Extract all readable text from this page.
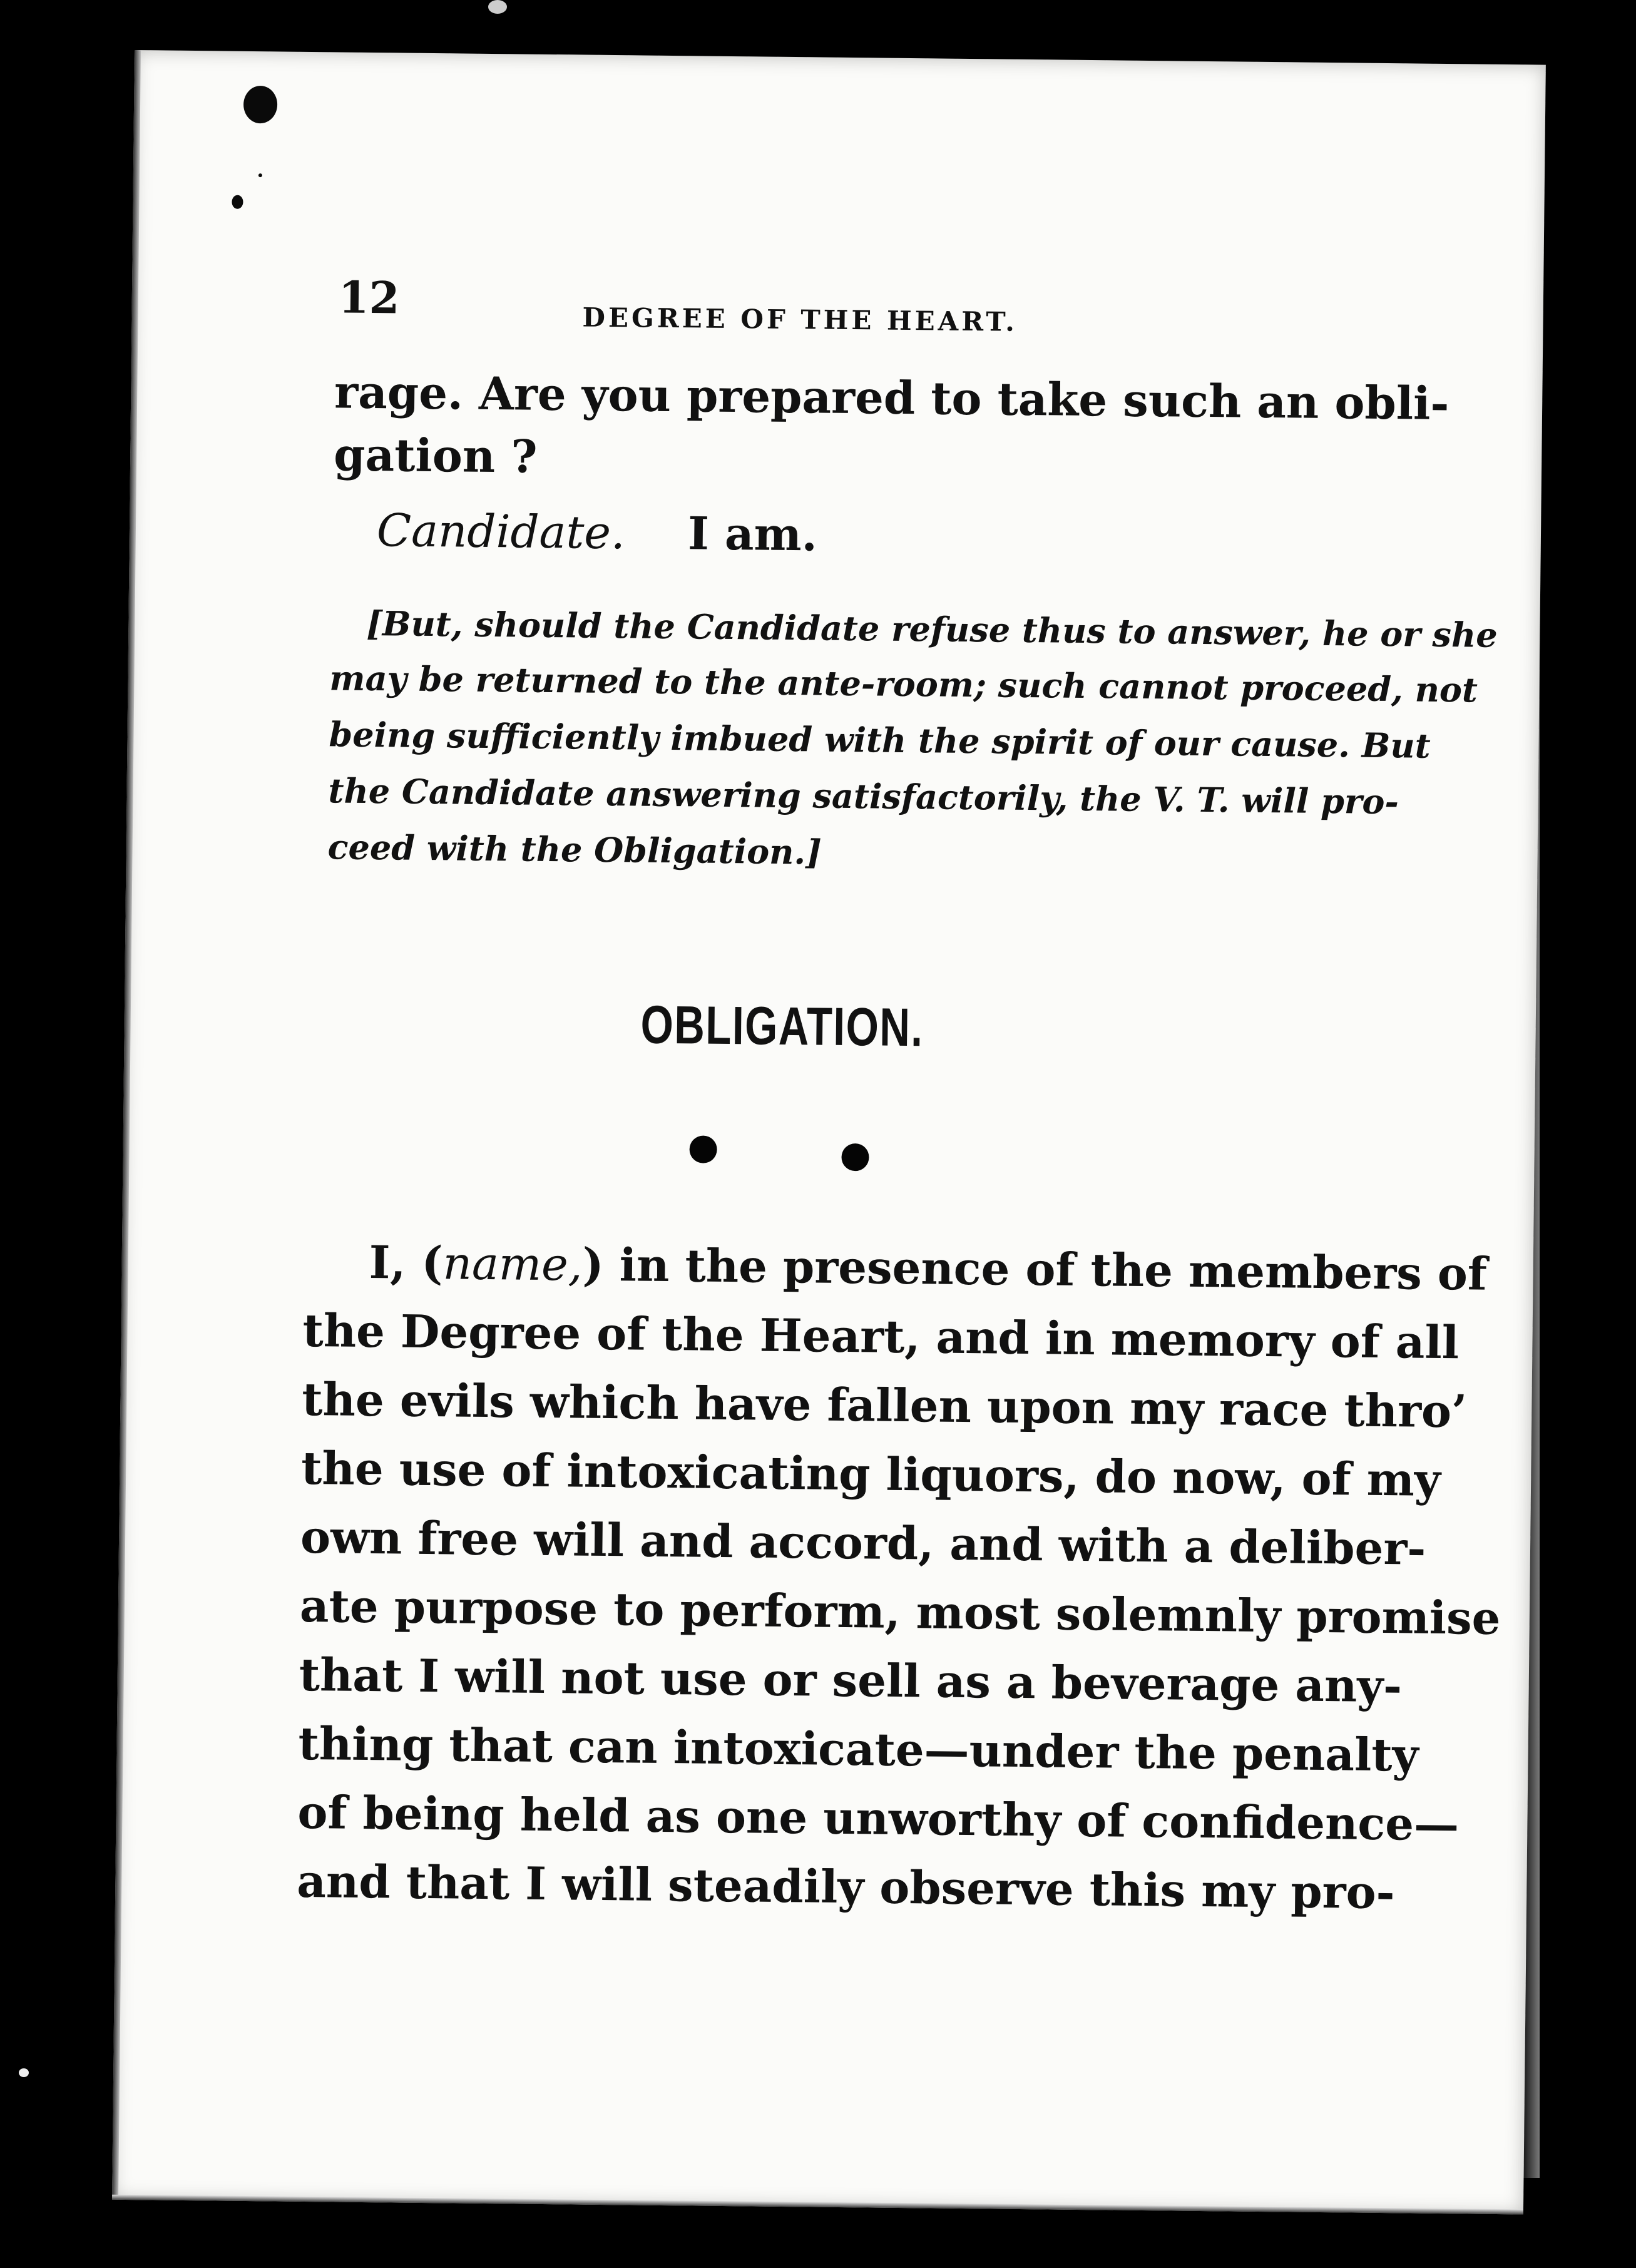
12	DEGREE OF THE HEART.
rage. Are you prepared to take such an obli-
gation ?
Candidate. I am.
[But, should the Candidate refuse thus to answer, he or she
may be returned to the ante-room; such cannot proceed, not
being sufficiently imbued with the spirit of our cause. But
the Candidate answering satisfactorily, the V. T. will pro-
ceed with the Obligation.]
OBLIGATION.
I, (name,) in the presence of the members of
the Degree of the Heart, and in memory of all
the evils which have fallen upon my race thro’
the use of intoxicating liquors, do now, of my
own free will and accord, and with a deliber-
ate purpose to perform, most solemnly promise
that I will not use or sell as a beverage any-
thing that can intoxicate—under the penalty
of being held as one unworthy of confidence—
and that I will steadily observe this my pro-
